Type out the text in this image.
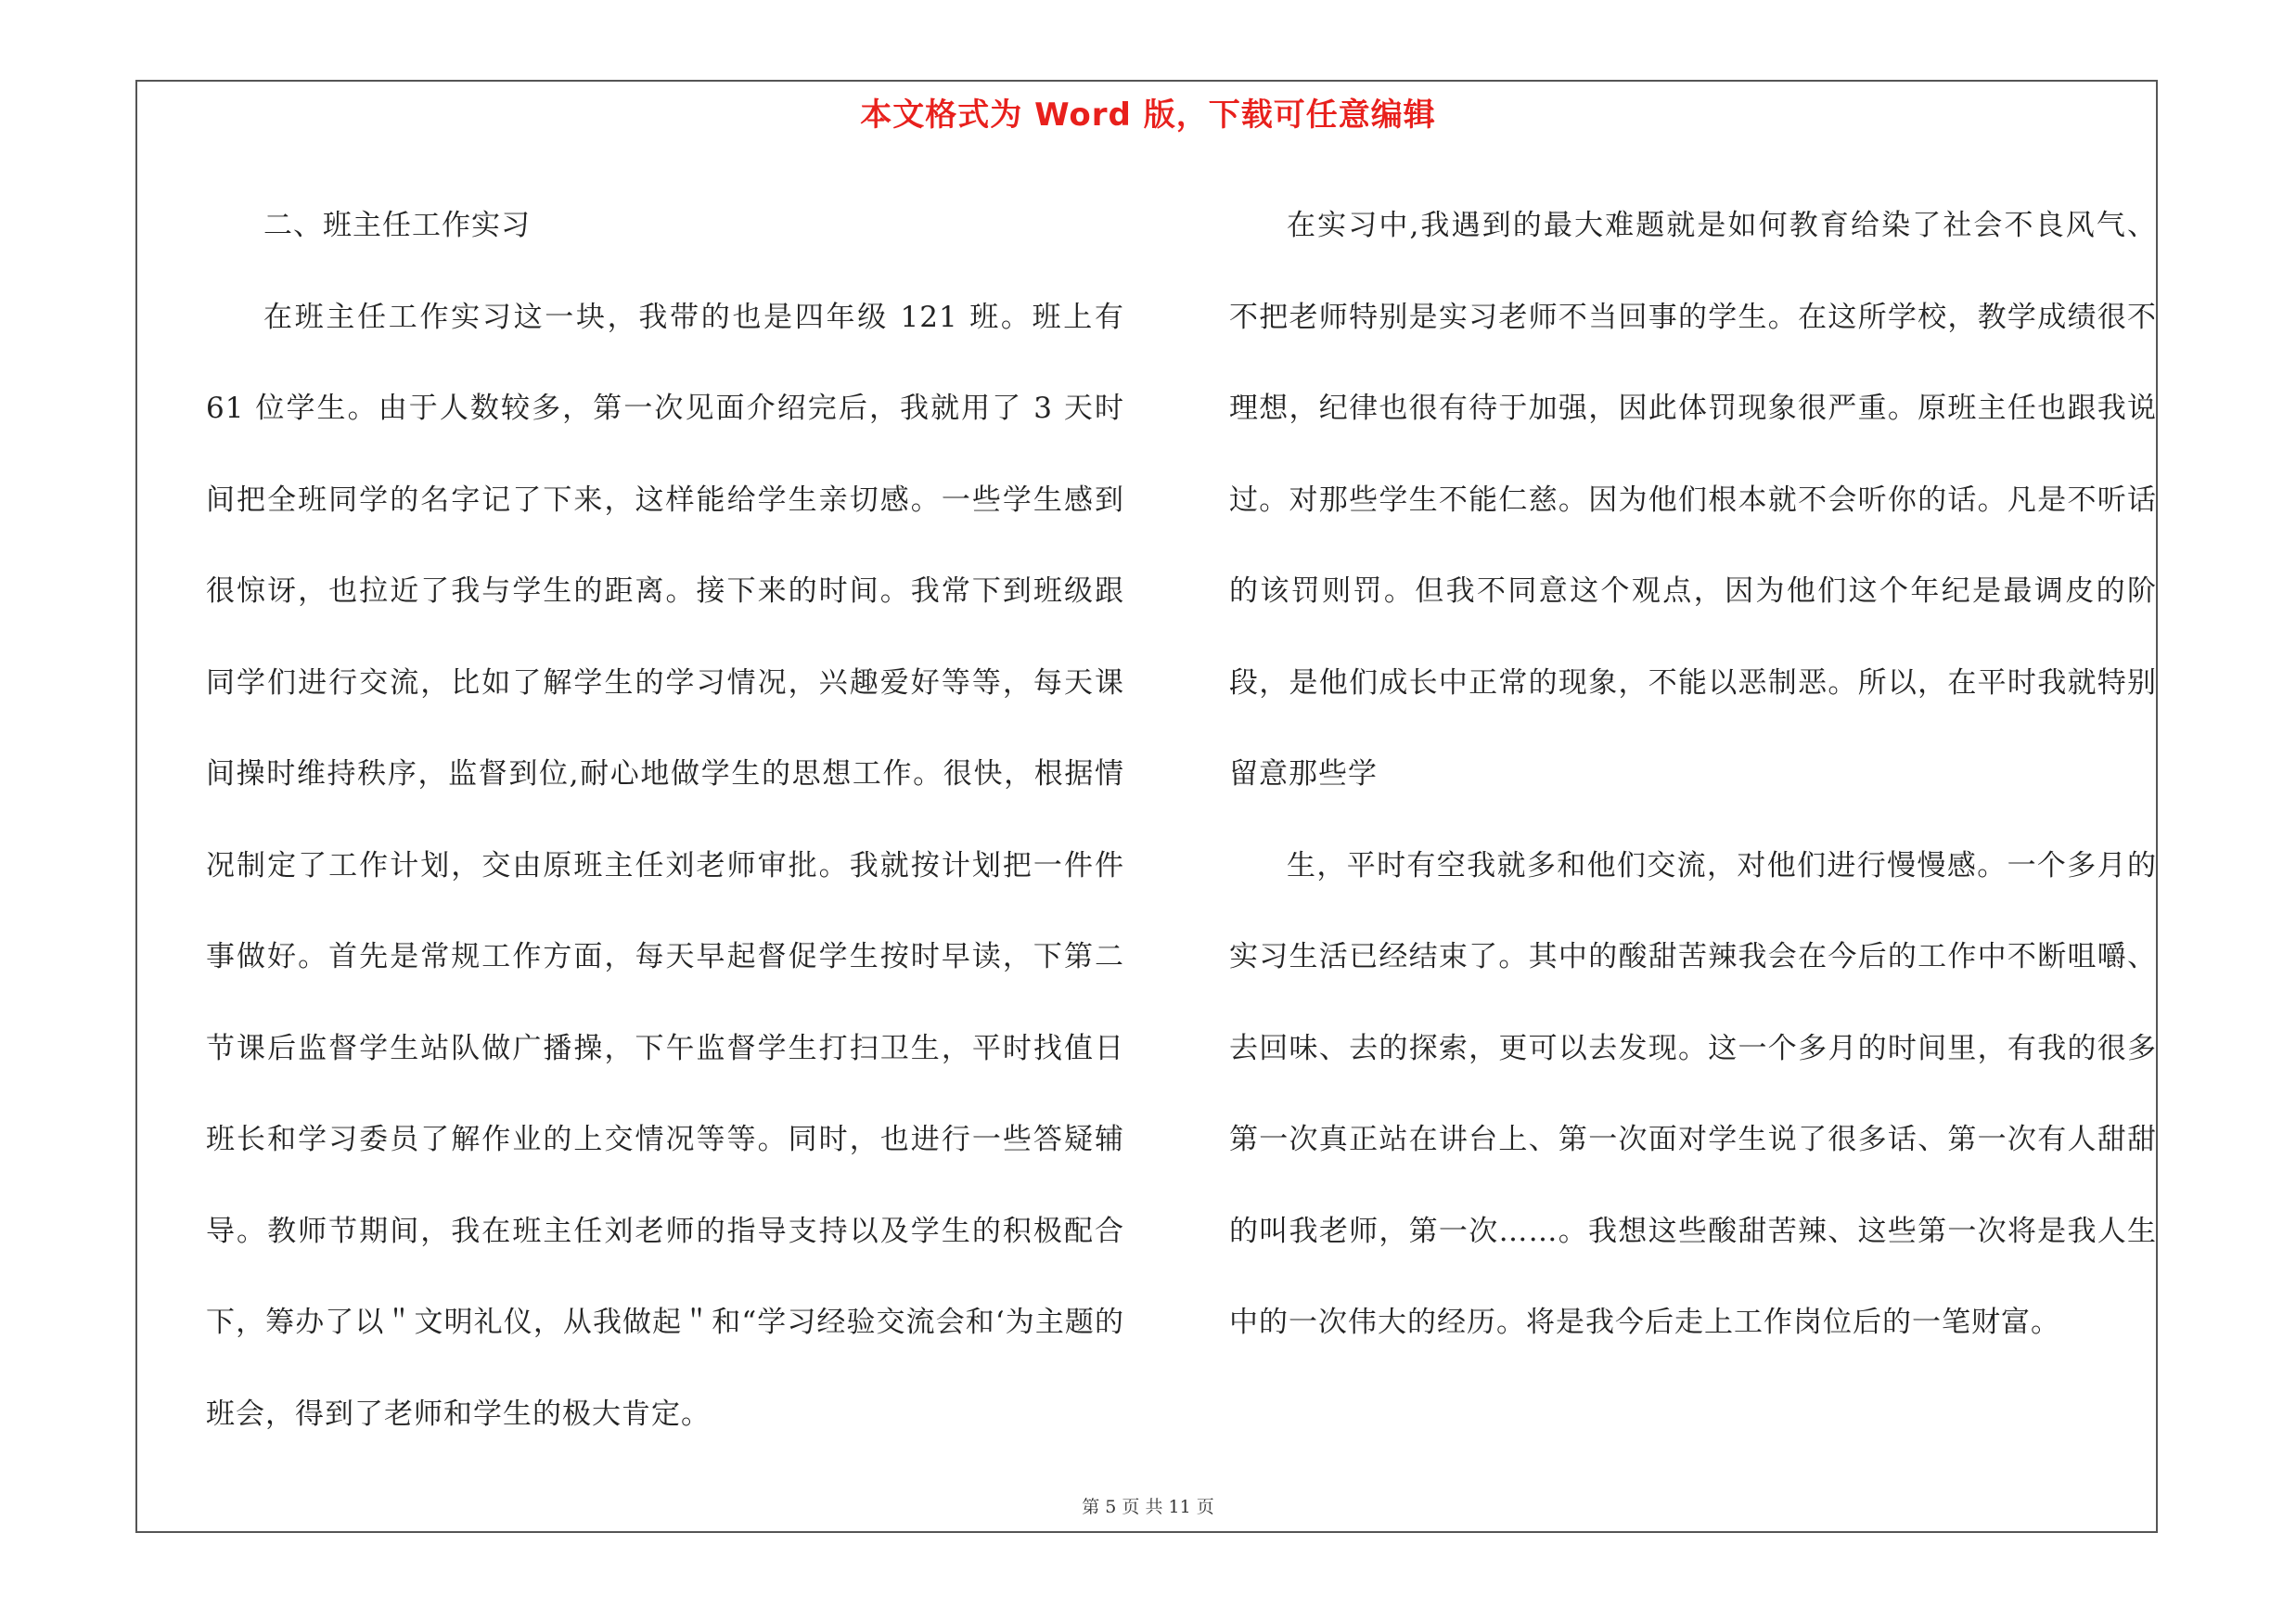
本文格式为 Word 版，下载可任意编辑

二、班主任工作实习

在班主任工作实习这一块，我带的也是四年级 121 班。班上有 61 位学生。由于人数较多，第一次见面介绍完后，我就用了 3 天时间把全班同学的名字记了下来，这样能给学生亲切感。一些学生感到很惊讶，也拉近了我与学生的距离。接下来的时间。我常下到班级跟同学们进行交流，比如了解学生的学习情况，兴趣爱好等等，每天课间操时维持秩序，监督到位,耐心地做学生的思想工作。很快，根据情况制定了工作计划，交由原班主任刘老师审批。我就按计划把一件件事做好。首先是常规工作方面，每天早起督促学生按时早读，下第二节课后监督学生站队做广播操，下午监督学生打扫卫生，平时找值日班长和学习委员了解作业的上交情况等等。同时，也进行一些答疑辅导。教师节期间，我在班主任刘老师的指导支持以及学生的积极配合下，筹办了以＂文明礼仪，从我做起＂和“学习经验交流会和‘为主题的班会，得到了老师和学生的极大肯定。

在实习中,我遇到的最大难题就是如何教育给染了社会不良风气、不把老师特别是实习老师不当回事的学生。在这所学校，教学成绩很不理想，纪律也很有待于加强，因此体罚现象很严重。原班主任也跟我说过。对那些学生不能仁慈。因为他们根本就不会听你的话。凡是不听话的该罚则罚。但我不同意这个观点，因为他们这个年纪是最调皮的阶段，是他们成长中正常的现象，不能以恶制恶。所以，在平时我就特别留意那些学

生，平时有空我就多和他们交流，对他们进行慢慢感。一个多月的实习生活已经结束了。其中的酸甜苦辣我会在今后的工作中不断咀嚼、去回味、去的探索，更可以去发现。这一个多月的时间里，有我的很多第一次真正站在讲台上、第一次面对学生说了很多话、第一次有人甜甜的叫我老师，第一次……。我想这些酸甜苦辣、这些第一次将是我人生中的一次伟大的经历。将是我今后走上工作岗位后的一笔财富。

第 5 页 共 11 页
